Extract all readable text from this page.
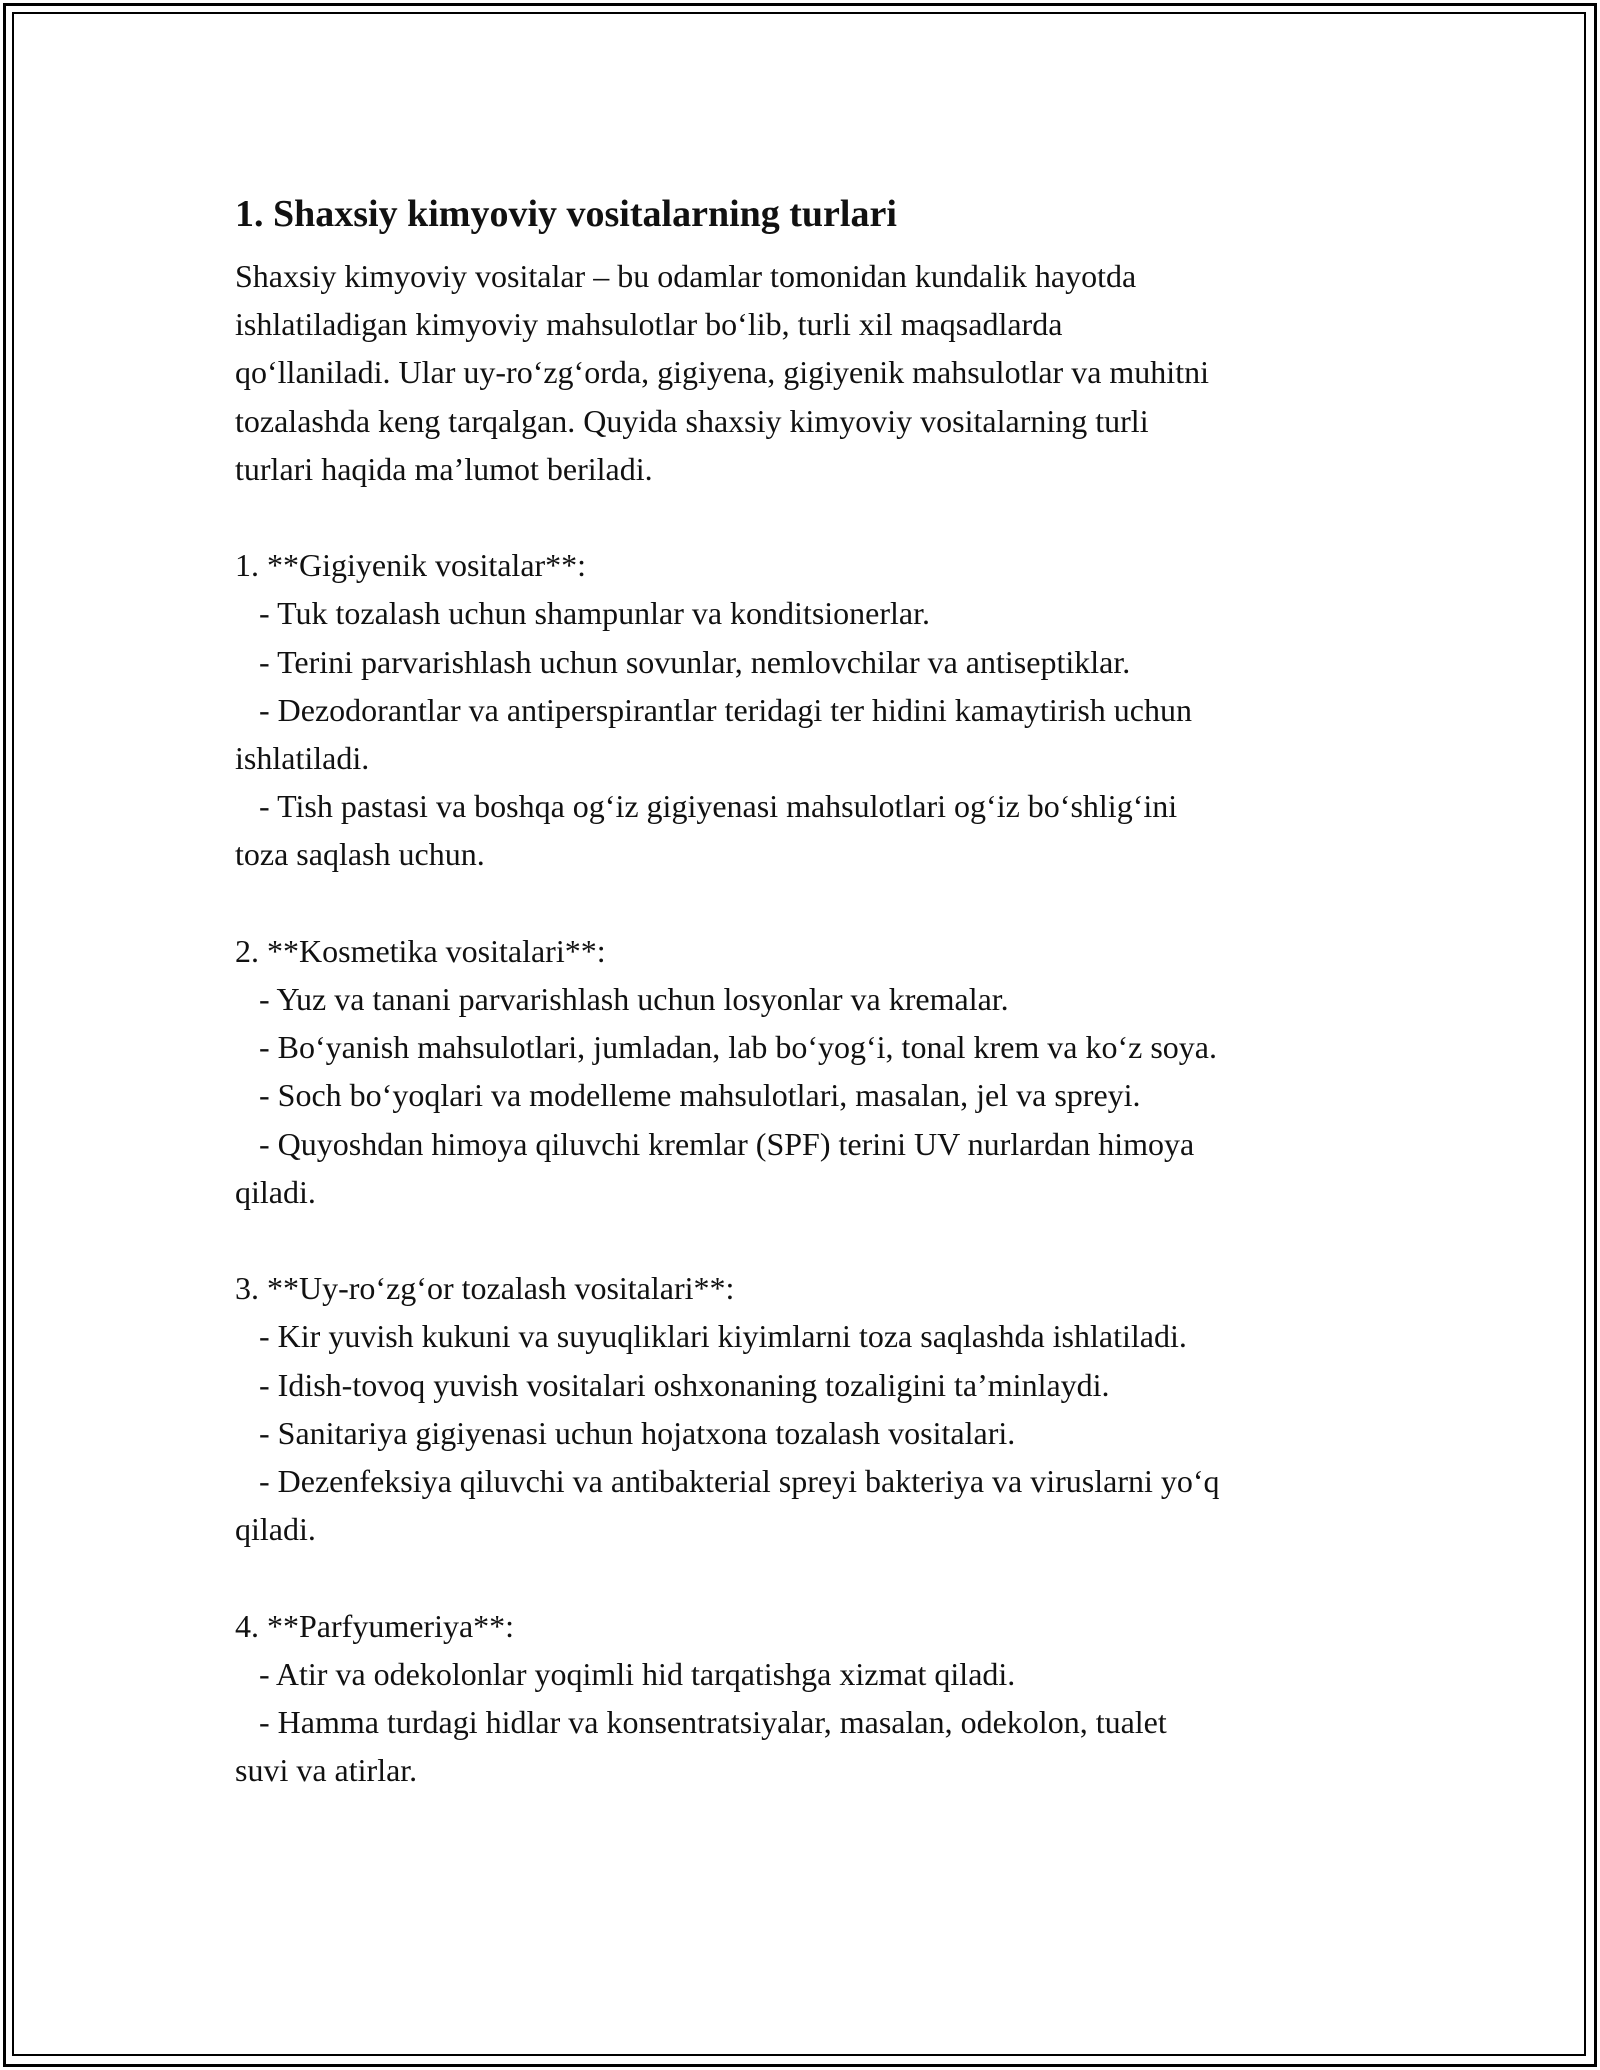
1. Shaxsiy kimyoviy vositalarning turlari

Shaxsiy kimyoviy vositalar – bu odamlar tomonidan kundalik hayotda
ishlatiladigan kimyoviy mahsulotlar bo‘lib, turli xil maqsadlarda
qo‘llaniladi. Ular uy-ro‘zg‘orda, gigiyena, gigiyenik mahsulotlar va muhitni
tozalashda keng tarqalgan. Quyida shaxsiy kimyoviy vositalarning turli
turlari haqida ma’lumot beriladi.

1. **Gigiyenik vositalar**:
- Tuk tozalash uchun shampunlar va konditsionerlar.
- Terini parvarishlash uchun sovunlar, nemlovchilar va antiseptiklar.
- Dezodorantlar va antiperspirantlar teridagi ter hidini kamaytirish uchun
ishlatiladi.
- Tish pastasi va boshqa og‘iz gigiyenasi mahsulotlari og‘iz bo‘shlig‘ini
toza saqlash uchun.

2. **Kosmetika vositalari**:
- Yuz va tanani parvarishlash uchun losyonlar va kremalar.
- Bo‘yanish mahsulotlari, jumladan, lab bo‘yog‘i, tonal krem va ko‘z soya.
- Soch bo‘yoqlari va modelleme mahsulotlari, masalan, jel va spreyi.
- Quyoshdan himoya qiluvchi kremlar (SPF) terini UV nurlardan himoya
qiladi.

3. **Uy-ro‘zg‘or tozalash vositalari**:
- Kir yuvish kukuni va suyuqliklari kiyimlarni toza saqlashda ishlatiladi.
- Idish-tovoq yuvish vositalari oshxonaning tozaligini ta’minlaydi.
- Sanitariya gigiyenasi uchun hojatxona tozalash vositalari.
- Dezenfeksiya qiluvchi va antibakterial spreyi bakteriya va viruslarni yo‘q
qiladi.

4. **Parfyumeriya**:
- Atir va odekolonlar yoqimli hid tarqatishga xizmat qiladi.
- Hamma turdagi hidlar va konsentratsiyalar, masalan, odekolon, tualet
suvi va atirlar.
